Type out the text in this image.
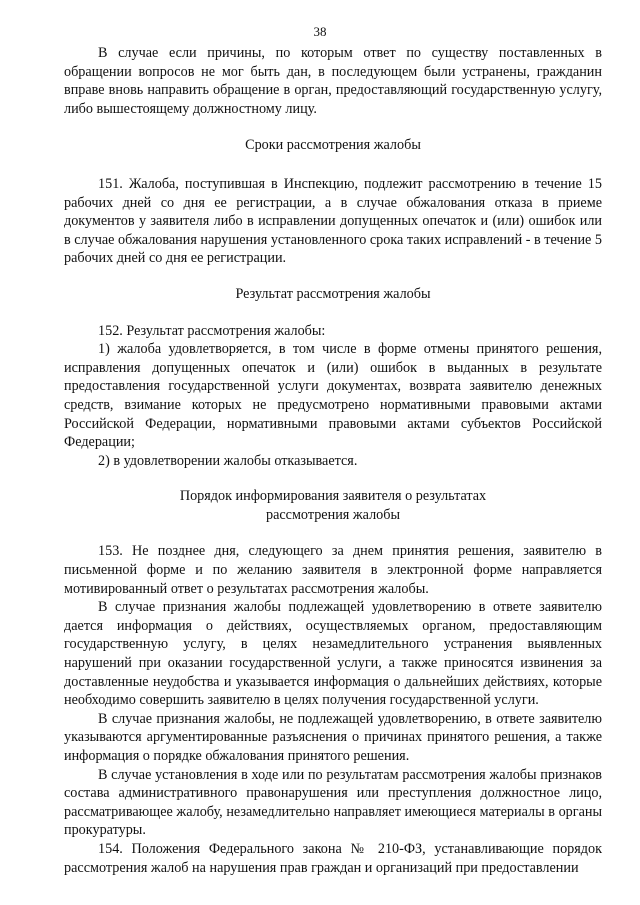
38

В случае если причины, по которым ответ по существу поставленных в обращении вопросов не мог быть дан, в последующем были устранены, гражданин вправе вновь направить обращение в орган, предоставляющий государственную услугу, либо вышестоящему должностному лицу.

Сроки рассмотрения жалобы

151. Жалоба, поступившая в Инспекцию, подлежит рассмотрению в течение 15 рабочих дней со дня ее регистрации, а в случае обжалования отказа в приеме документов у заявителя либо в исправлении допущенных опечаток и (или) ошибок или в случае обжалования нарушения установленного срока таких исправлений - в течение 5 рабочих дней со дня ее регистрации.

Результат рассмотрения жалобы

152. Результат рассмотрения жалобы:

1) жалоба удовлетворяется, в том числе в форме отмены принятого решения, исправления допущенных опечаток и (или) ошибок в выданных в результате предоставления государственной услуги документах, возврата заявителю денежных средств, взимание которых не предусмотрено нормативными правовыми актами Российской Федерации, нормативными правовыми актами субъектов Российской Федерации;

2) в удовлетворении жалобы отказывается.

Порядок информирования заявителя о результатах
рассмотрения жалобы

153. Не позднее дня, следующего за днем принятия решения, заявителю в письменной форме и по желанию заявителя в электронной форме направляется мотивированный ответ о результатах рассмотрения жалобы.

В случае признания жалобы подлежащей удовлетворению в ответе заявителю дается информация о действиях, осуществляемых органом, предоставляющим государственную услугу, в целях незамедлительного устранения выявленных нарушений при оказании государственной услуги, а также приносятся извинения за доставленные неудобства и указывается информация о дальнейших действиях, которые необходимо совершить заявителю в целях получения государственной услуги.

В случае признания жалобы, не подлежащей удовлетворению, в ответе заявителю указываются аргументированные разъяснения о причинах принятого решения, а также информация о порядке обжалования принятого решения.

В случае установления в ходе или по результатам рассмотрения жалобы признаков состава административного правонарушения или преступления должностное лицо, рассматривающее жалобу, незамедлительно направляет имеющиеся материалы в органы прокуратуры.

154. Положения Федерального закона № 210-ФЗ, устанавливающие порядок рассмотрения жалоб на нарушения прав граждан и организаций при предоставлении
